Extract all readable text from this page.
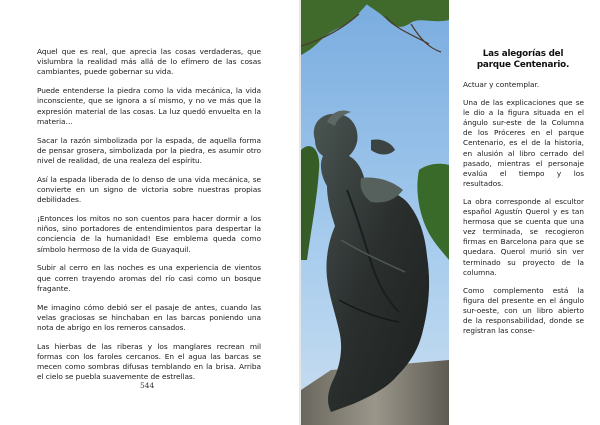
Aquel que es real, que aprecia las cosas verdaderas, que vislumbra la realidad más allá de lo efímero de las cosas cambiantes, puede gobernar su vida.

Puede entenderse la piedra como la vida mecánica, la vida inconsciente, que se ignora a sí mismo, y no ve más que la expresión material de las cosas. La luz quedó envuelta en la materia…

Sacar la razón simbolizada por la espada, de aquella forma de pensar grosera, simbolizada por la piedra, es asumir otro nivel de realidad, de una realeza del espíritu.

Así la espada liberada de lo denso de una vida mecánica, se convierte en un signo de victoria sobre nuestras propias debilidades.

¡Entonces los mitos no son cuentos para hacer dormir a los niños, sino portadores de entendimientos para despertar la conciencia de la humanidad! Ese emblema queda como símbolo hermoso de la vida de Guayaquil.

Subir al cerro en las noches es una experiencia de vientos que corren trayendo aromas del río casi como un bosque fragante.

Me imagino cómo debió ser el pasaje de antes, cuando las velas graciosas se hinchaban en las barcas poniendo una nota de abrigo en los remeros cansados.

Las hierbas de las riberas y los manglares recrean mil formas con los faroles cercanos. En el agua las barcas se mecen como sombras difusas temblando en la brisa. Arriba el cielo se puebla suavemente de estrellas.

544
Las alegorías del
parque Centenario.

Actuar y contemplar.

Una de las explicaciones que se le dio a la figura situada en el ángulo sur-este de la Columna de los Próceres en el parque Centenario, es el de la historia, en alusión al libro cerrado del pasado, mientras el personaje evalúa el tiempo y los resultados.

La obra corresponde al escultor español Agustín Querol y es tan hermosa que se cuenta que una vez terminada, se recogieron firmas en Barcelona para que se quedara. Querol murió sin ver terminado su proyecto de la columna.

Como complemento está la figura del presente en el ángulo sur-oeste, con un libro abierto de la responsabilidad, donde se registran las conse-
